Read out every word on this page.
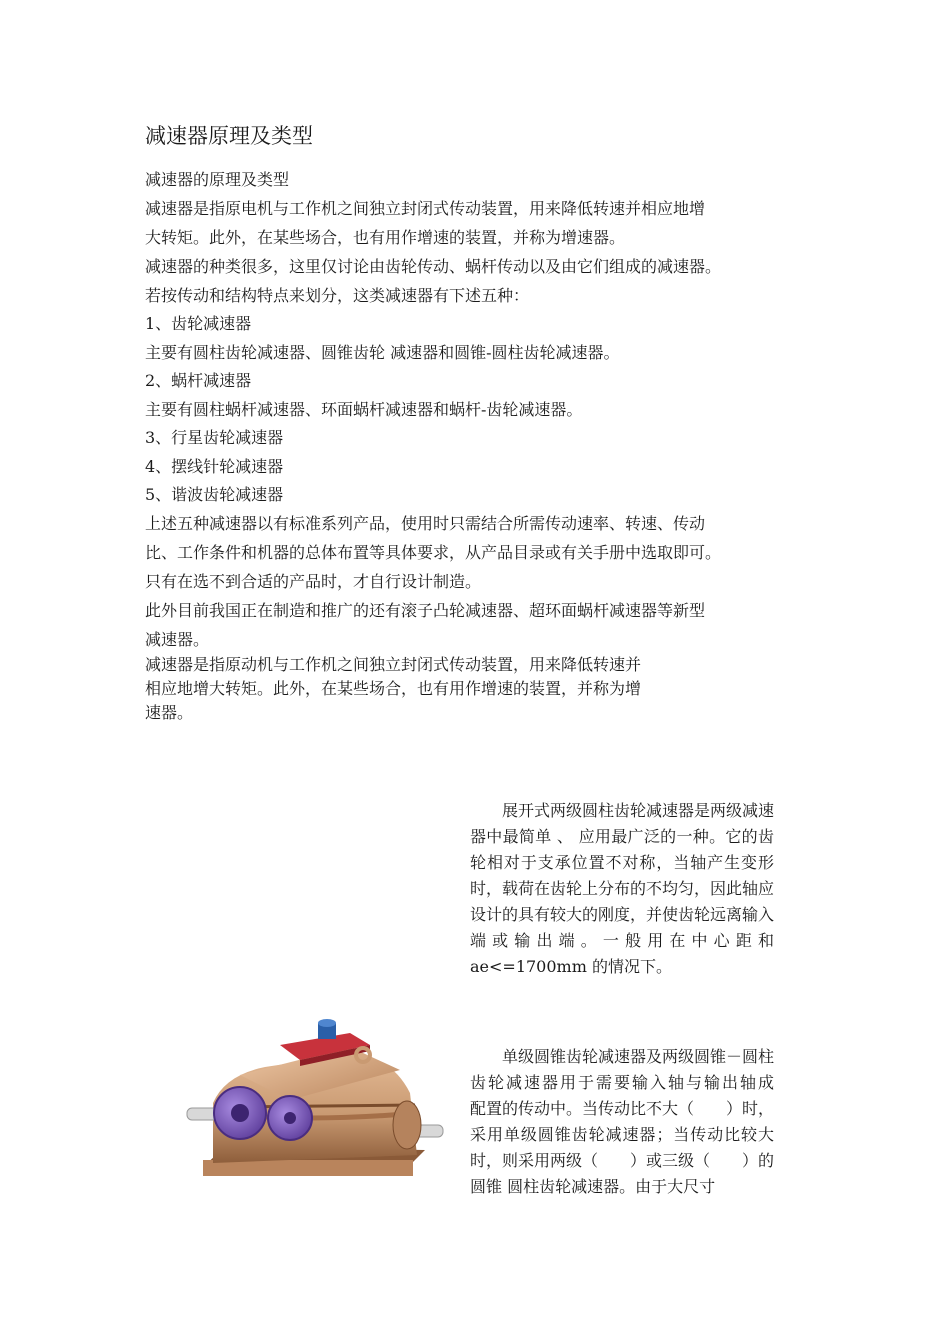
减速器原理及类型

减速器的原理及类型

减速器是指原电机与工作机之间独立封闭式传动装置，用来降低转速并相应地增

大转矩。此外，在某些场合，也有用作增速的装置，并称为增速器。

减速器的种类很多，这里仅讨论由齿轮传动、蜗杆传动以及由它们组成的减速器。

若按传动和结构特点来划分，这类减速器有下述五种：

1、齿轮减速器

主要有圆柱齿轮减速器、圆锥齿轮 减速器和圆锥-圆柱齿轮减速器。

2、蜗杆减速器

主要有圆柱蜗杆减速器、环面蜗杆减速器和蜗杆-齿轮减速器。

3、行星齿轮减速器

4、摆线针轮减速器

5、谐波齿轮减速器

上述五种减速器以有标准系列产品，使用时只需结合所需传动速率、转速、传动

比、工作条件和机器的总体布置等具体要求，从产品目录或有关手册中选取即可。

只有在选不到合适的产品时，才自行设计制造。

此外目前我国正在制造和推广的还有滚子凸轮减速器、超环面蜗杆减速器等新型

减速器。

减速器是指原动机与工作机之间独立封闭式传动装置，用来降低转速并

相应地增大转矩。此外，在某些场合，也有用作增速的装置，并称为增

速器。

展开式两级圆柱齿轮减速器是两级减速器中最简单 、 应用最广泛的一种。它的齿轮相对于支承位置不对称，当轴产生变形时，载荷在齿轮上分布的不均匀，因此轴应设计的具有较大的刚度，并使齿轮远离输入端或输出端。一般用在中心距和ae<=1700mm 的情况下。

单级圆锥齿轮减速器及两级圆锥－圆柱齿轮减速器用于需要输入轴与输出轴成　　配置的传动中。当传动比不大（　　）时，采用单级圆锥齿轮减速器；当传动比较大时，则采用两级（　　）或三级（　　）的圆锥 圆柱齿轮减速器。由于大尺寸
